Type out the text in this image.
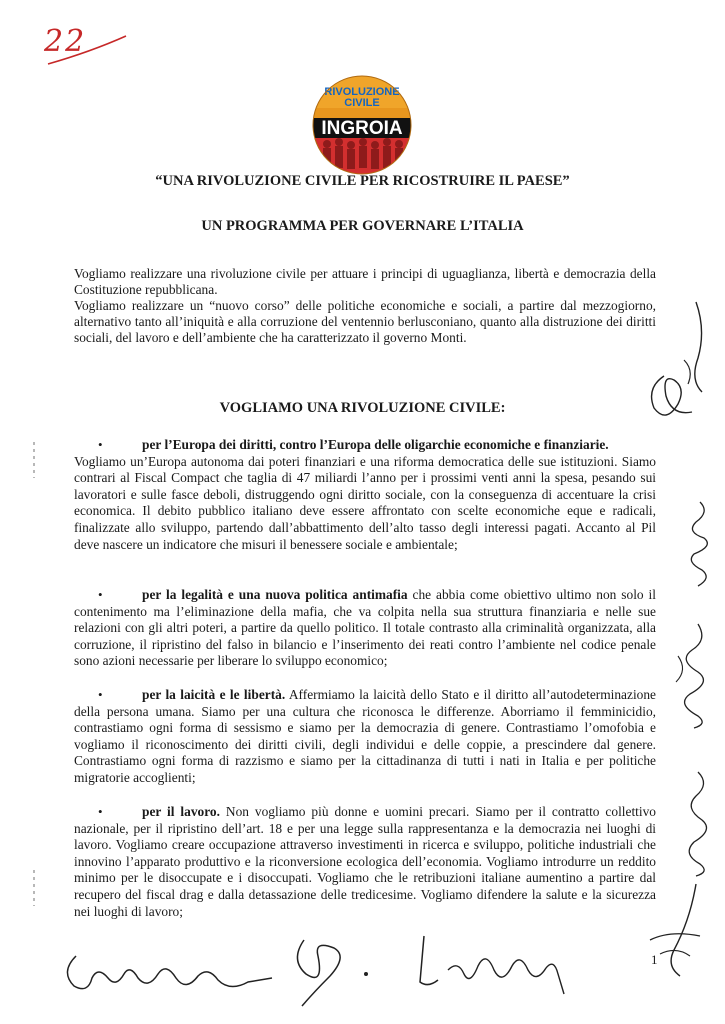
22
RIVOLUZIONE
CIVILE
INGROIA
“UNA RIVOLUZIONE CIVILE PER RICOSTRUIRE IL PAESE”
UN PROGRAMMA PER GOVERNARE L’ITALIA

Vogliamo realizzare una rivoluzione civile per attuare i principi di uguaglianza, libertà e democrazia della Costituzione repubblicana.

Vogliamo realizzare un “nuovo corso” delle politiche economiche e sociali, a partire dal mezzogiorno, alternativo tanto all’iniquità e alla corruzione del ventennio berlusconiano, quanto alla distruzione dei diritti sociali, del lavoro e dell’ambiente che ha caratterizzato il governo Monti.

VOGLIAMO UNA RIVOLUZIONE CIVILE:

•	per l’Europa dei diritti, contro l’Europa delle oligarchie economiche e finanziarie.

Vogliamo un’Europa autonoma dai poteri finanziari e una riforma democratica delle sue istituzioni. Siamo contrari al Fiscal Compact che taglia di 47 miliardi l’anno per i prossimi venti anni la spesa, pesando sui lavoratori e sulle fasce deboli, distruggendo ogni diritto sociale, con la conseguenza di accentuare la crisi economica. Il debito pubblico italiano deve essere affrontato con scelte economiche eque e radicali, finalizzate allo sviluppo, partendo dall’abbattimento dell’alto tasso degli interessi pagati. Accanto al Pil deve nascere un indicatore che misuri il benessere sociale e ambientale;

•	per la legalità e una nuova politica antimafia che abbia come obiettivo ultimo non solo il contenimento ma l’eliminazione della mafia, che va colpita nella sua struttura finanziaria e nelle sue relazioni con gli altri poteri, a partire da quello politico. Il totale contrasto alla criminalità organizzata, alla corruzione, il ripristino del falso in bilancio e l’inserimento dei reati contro l’ambiente nel codice penale sono azioni necessarie per liberare lo sviluppo economico;

•	per la laicità e le libertà. Affermiamo la laicità dello Stato e il diritto all’autodeterminazione della persona umana. Siamo per una cultura che riconosca le differenze. Aborriamo il femminicidio, contrastiamo ogni forma di sessismo e siamo per la democrazia di genere. Contrastiamo l’omofobia e vogliamo il riconoscimento dei diritti civili, degli individui e delle coppie, a prescindere dal genere. Contrastiamo ogni forma di razzismo e siamo per la cittadinanza di tutti i nati in Italia e per politiche migratorie accoglienti;

•	per il lavoro. Non vogliamo più donne e uomini precari. Siamo per il contratto collettivo nazionale, per il ripristino dell’art. 18 e per una legge sulla rappresentanza e la democrazia nei luoghi di lavoro. Vogliamo creare occupazione attraverso investimenti in ricerca e sviluppo, politiche industriali che innovino l’apparato produttivo e la riconversione ecologica dell’economia. Vogliamo introdurre un reddito minimo per le disoccupate e i disoccupati. Vogliamo che le retribuzioni italiane aumentino a partire dal recupero del fiscal drag e dalla detassazione delle tredicesime. Vogliamo difendere la salute e la sicurezza nei luoghi di lavoro;

1
